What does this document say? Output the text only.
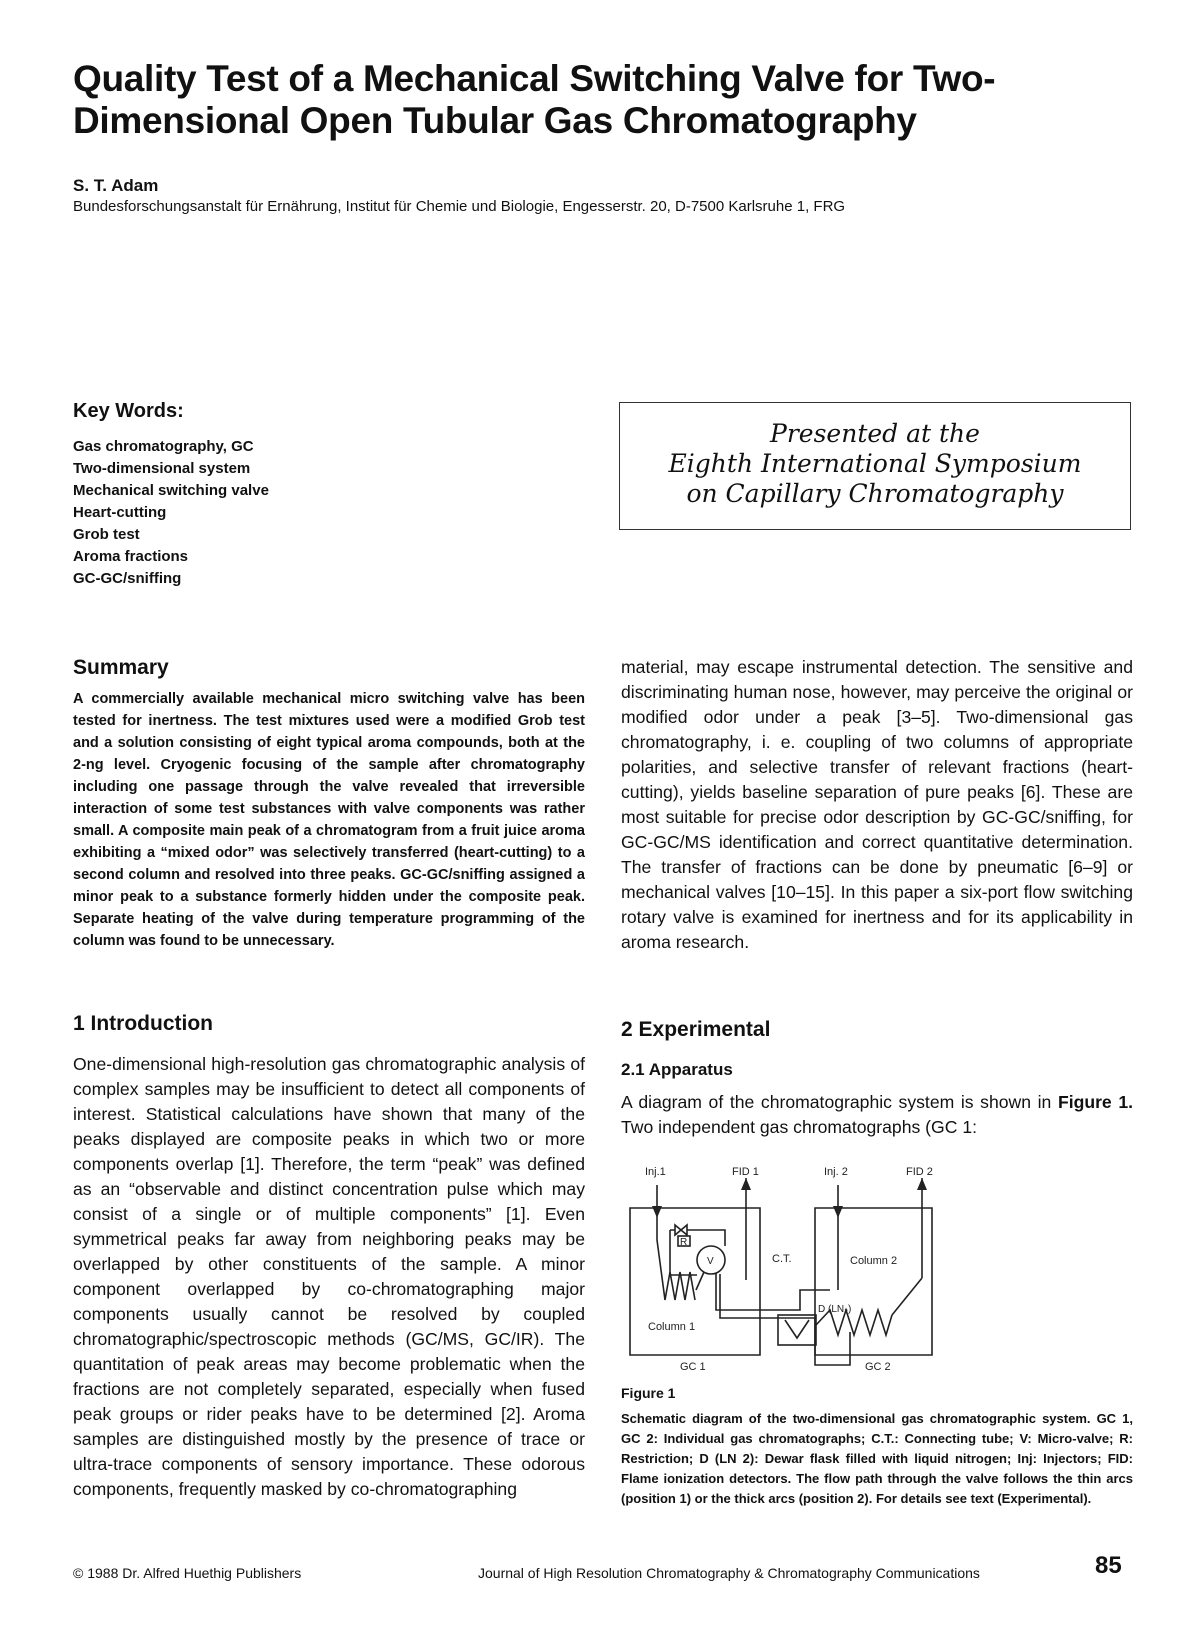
Quality Test of a Mechanical Switching Valve for Two-Dimensional Open Tubular Gas Chromatography
S. T. Adam
Bundesforschungsanstalt für Ernährung, Institut für Chemie und Biologie, Engesserstr. 20, D-7500 Karlsruhe 1, FRG
Key Words:
Gas chromatography, GC
Two-dimensional system
Mechanical switching valve
Heart-cutting
Grob test
Aroma fractions
GC-GC/sniffing
Presented at the
Eighth International Symposium
on Capillary Chromatography
Summary
A commercially available mechanical micro switching valve has been tested for inertness. The test mixtures used were a modified Grob test and a solution consisting of eight typical aroma compounds, both at the 2-ng level. Cryogenic focusing of the sample after chromatography including one passage through the valve revealed that irreversible interaction of some test substances with valve components was rather small. A composite main peak of a chromatogram from a fruit juice aroma exhibiting a “mixed odor” was selectively transferred (heart-cutting) to a second column and resolved into three peaks. GC-GC/sniffing assigned a minor peak to a substance formerly hidden under the composite peak. Separate heating of the valve during temperature programming of the column was found to be unnecessary.
1 Introduction
One-dimensional high-resolution gas chromatographic analysis of complex samples may be insufficient to detect all components of interest. Statistical calculations have shown that many of the peaks displayed are composite peaks in which two or more components overlap [1]. Therefore, the term “peak” was defined as an “observable and distinct concentration pulse which may consist of a single or of multiple components” [1]. Even symmetrical peaks far away from neighboring peaks may be overlapped by other constituents of the sample. A minor component overlapped by co-chromatographing major components usually cannot be resolved by coupled chromatographic/spectroscopic methods (GC/MS, GC/IR). The quantitation of peak areas may become problematic when the fractions are not completely separated, especially when fused peak groups or rider peaks have to be determined [2]. Aroma samples are distinguished mostly by the presence of trace or ultra-trace components of sensory importance. These odorous components, frequently masked by co-chromatographing
material, may escape instrumental detection. The sensitive and discriminating human nose, however, may perceive the original or modified odor under a peak [3–5]. Two-dimensional gas chromatography, i. e. coupling of two columns of appropriate polarities, and selective transfer of relevant fractions (heart-cutting), yields baseline separation of pure peaks [6]. These are most suitable for precise odor description by GC-GC/sniffing, for GC-GC/MS identification and correct quantitative determination. The transfer of fractions can be done by pneumatic [6–9] or mechanical valves [10–15]. In this paper a six-port flow switching rotary valve is examined for inertness and for its applicability in aroma research.
2 Experimental
2.1 Apparatus
A diagram of the chromatographic system is shown in Figure 1. Two independent gas chromatographs (GC 1:
Inj.1	FID 1	Inj. 2	FID 2
R
V	C.T.
Column 1
Column 2
D (LN₂)
GC 1	GC 2
Figure 1
Schematic diagram of the two-dimensional gas chromatographic system. GC 1, GC 2: Individual gas chromatographs; C.T.: Connecting tube; V: Micro-valve; R: Restriction; D (LN 2): Dewar flask filled with liquid nitrogen; Inj: Injectors; FID: Flame ionization detectors. The flow path through the valve follows the thin arcs (position 1) or the thick arcs (position 2). For details see text (Experimental).
© 1988 Dr. Alfred Huethig Publishers	Journal of High Resolution Chromatography & Chromatography Communications	85
